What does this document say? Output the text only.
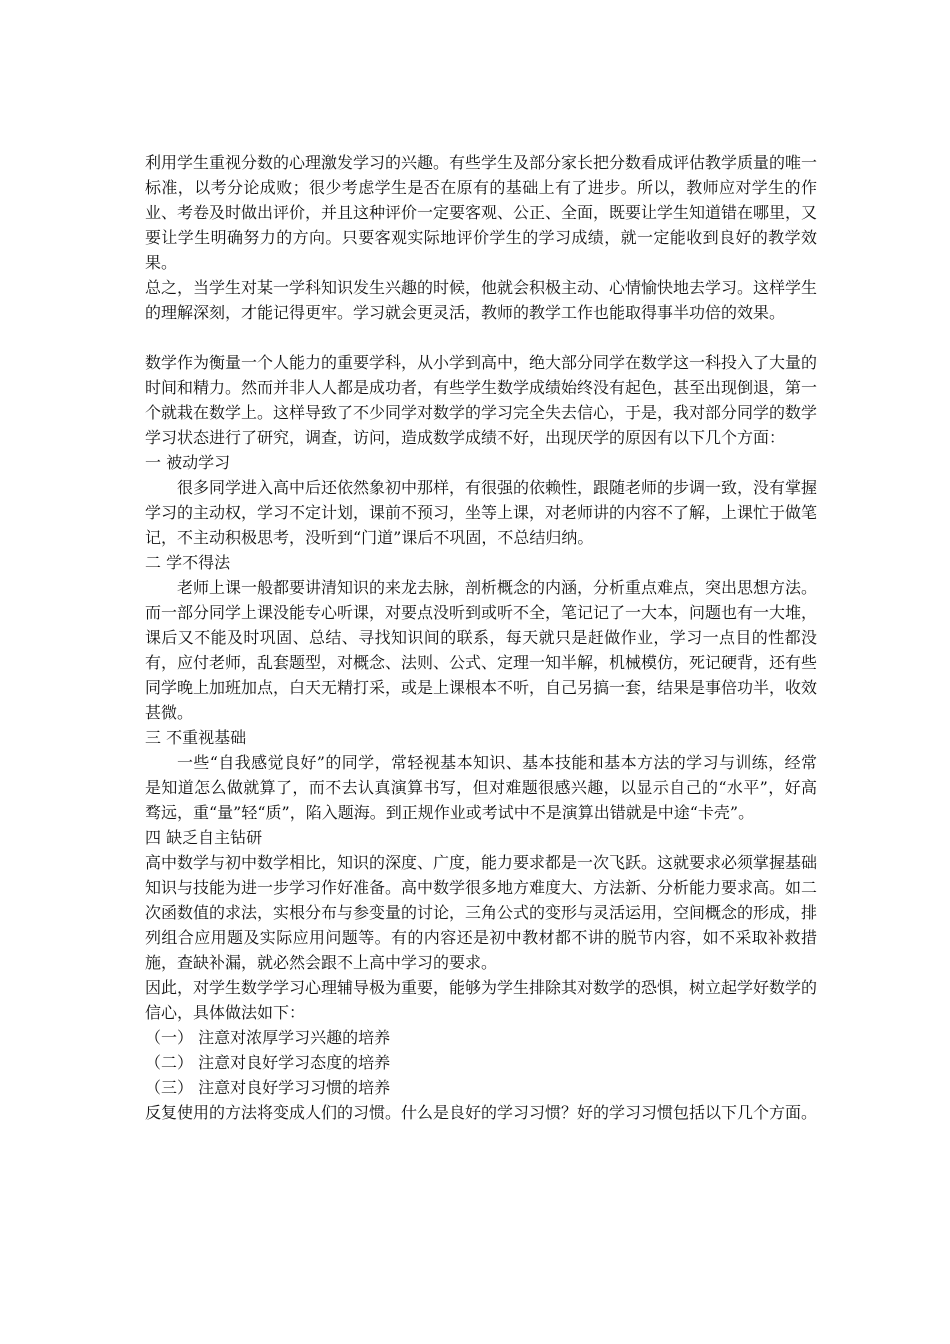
利用学生重视分数的心理激发学习的兴趣。有些学生及部分家长把分数看成评估教学质量的唯一标准，以考分论成败；很少考虑学生是否在原有的基础上有了进步。所以，教师应对学生的作业、考卷及时做出评价，并且这种评价一定要客观、公正、全面，既要让学生知道错在哪里，又要让学生明确努力的方向。只要客观实际地评价学生的学习成绩，就一定能收到良好的教学效果。

总之，当学生对某一学科知识发生兴趣的时候，他就会积极主动、心情愉快地去学习。这样学生的理解深刻，才能记得更牢。学习就会更灵活，教师的教学工作也能取得事半功倍的效果。

数学作为衡量一个人能力的重要学科，从小学到高中，绝大部分同学在数学这一科投入了大量的时间和精力。然而并非人人都是成功者，有些学生数学成绩始终没有起色，甚至出现倒退，第一个就栽在数学上。这样导致了不少同学对数学的学习完全失去信心，于是，我对部分同学的数学学习状态进行了研究，调查，访问，造成数学成绩不好，出现厌学的原因有以下几个方面：

一 被动学习

很多同学进入高中后还依然象初中那样，有很强的依赖性，跟随老师的步调一致，没有掌握学习的主动权，学习不定计划，课前不预习，坐等上课，对老师讲的内容不了解，上课忙于做笔记，不主动积极思考，没听到“门道”课后不巩固，不总结归纳。

二 学不得法

老师上课一般都要讲清知识的来龙去脉，剖析概念的内涵，分析重点难点，突出思想方法。而一部分同学上课没能专心听课，对要点没听到或听不全，笔记记了一大本，问题也有一大堆，课后又不能及时巩固、总结、寻找知识间的联系，每天就只是赶做作业，学习一点目的性都没有，应付老师，乱套题型，对概念、法则、公式、定理一知半解，机械模仿，死记硬背，还有些同学晚上加班加点，白天无精打采，或是上课根本不听，自己另搞一套，结果是事倍功半，收效甚微。

三 不重视基础

一些“自我感觉良好”的同学，常轻视基本知识、基本技能和基本方法的学习与训练，经常是知道怎么做就算了，而不去认真演算书写，但对难题很感兴趣，以显示自己的“水平”，好高骛远，重“量”轻“质”，陷入题海。到正规作业或考试中不是演算出错就是中途“卡壳”。

四 缺乏自主钻研

高中数学与初中数学相比，知识的深度、广度，能力要求都是一次飞跃。这就要求必须掌握基础知识与技能为进一步学习作好准备。高中数学很多地方难度大、方法新、分析能力要求高。如二次函数值的求法，实根分布与参变量的讨论，三角公式的变形与灵活运用，空间概念的形成，排列组合应用题及实际应用问题等。有的内容还是初中教材都不讲的脱节内容，如不采取补救措施，查缺补漏，就必然会跟不上高中学习的要求。

因此，对学生数学学习心理辅导极为重要，能够为学生排除其对数学的恐惧，树立起学好数学的信心，具体做法如下：

（一） 注意对浓厚学习兴趣的培养

（二） 注意对良好学习态度的培养

（三） 注意对良好学习习惯的培养

反复使用的方法将变成人们的习惯。什么是良好的学习习惯？好的学习习惯包括以下几个方面。
